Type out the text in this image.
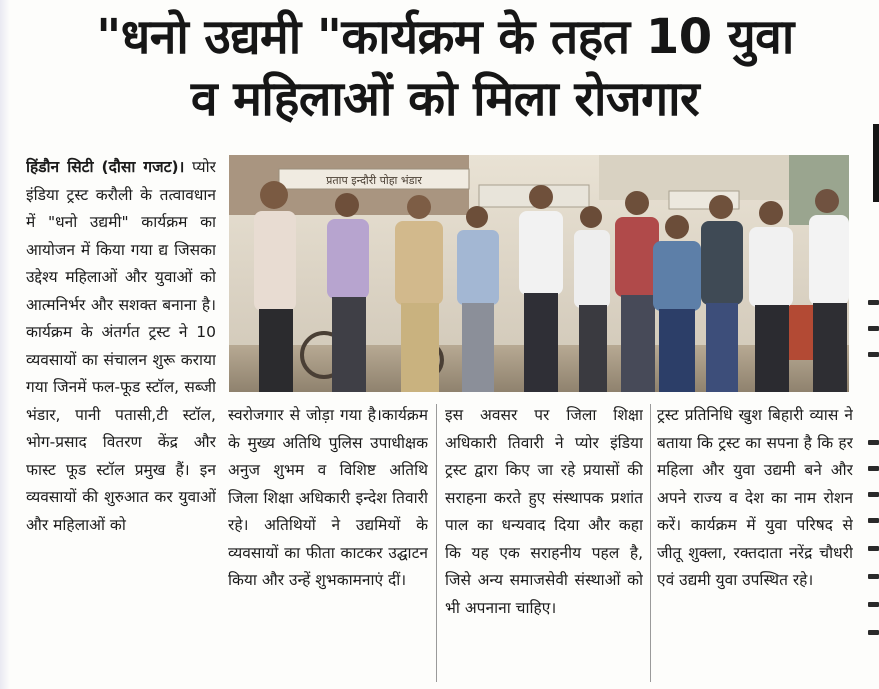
"धनो उद्यमी "कार्यक्रम के तहत 10 युवा
व महिलाओं को मिला रोजगार
हिंडौन सिटी (दौसा गजट)। प्योर इंडिया ट्रस्ट करौली के तत्वावधान में "धनो उद्यमी" कार्यक्रम का आयोजन में किया गया द्य जिसका उद्देश्य महिलाओं और युवाओं को आत्मनिर्भर और सशक्त बनाना है। कार्यक्रम के अंतर्गत ट्रस्ट ने 10 व्यवसायों का संचालन शुरू कराया गया जिनमें फल-फूड स्टॉल, सब्जी भंडार, पानी पतासी,टी स्टॉल, भोग-प्रसाद वितरण केंद्र और फास्ट फूड स्टॉल प्रमुख हैं। इन व्यवसायों की शुरुआत कर युवाओं और महिलाओं को
प्रताप इन्दौरी पोहा भंडार
स्वरोजगार से जोड़ा गया है।कार्यक्रम के मुख्य अतिथि पुलिस उपाधीक्षक अनुज शुभम व विशिष्ट अतिथि जिला शिक्षा अधिकारी इन्देश तिवारी रहे। अतिथियों ने उद्यमियों के व्यवसायों का फीता काटकर उद्घाटन किया और उन्हें शुभकामनाएं दीं।
इस अवसर पर जिला शिक्षा अधिकारी तिवारी ने प्योर इंडिया ट्रस्ट द्वारा किए जा रहे प्रयासों की सराहना करते हुए संस्थापक प्रशांत पाल का धन्यवाद दिया और कहा कि यह एक सराहनीय पहल है, जिसे अन्य समाजसेवी संस्थाओं को भी अपनाना चाहिए।
ट्रस्ट प्रतिनिधि खुश बिहारी व्यास ने बताया कि ट्रस्ट का सपना है कि हर महिला और युवा उद्यमी बने और अपने राज्य व देश का नाम रोशन करें। कार्यक्रम में युवा परिषद से जीतू शुक्ला, रक्तदाता नरेंद्र चौधरी एवं उद्यमी युवा उपस्थित रहे।
